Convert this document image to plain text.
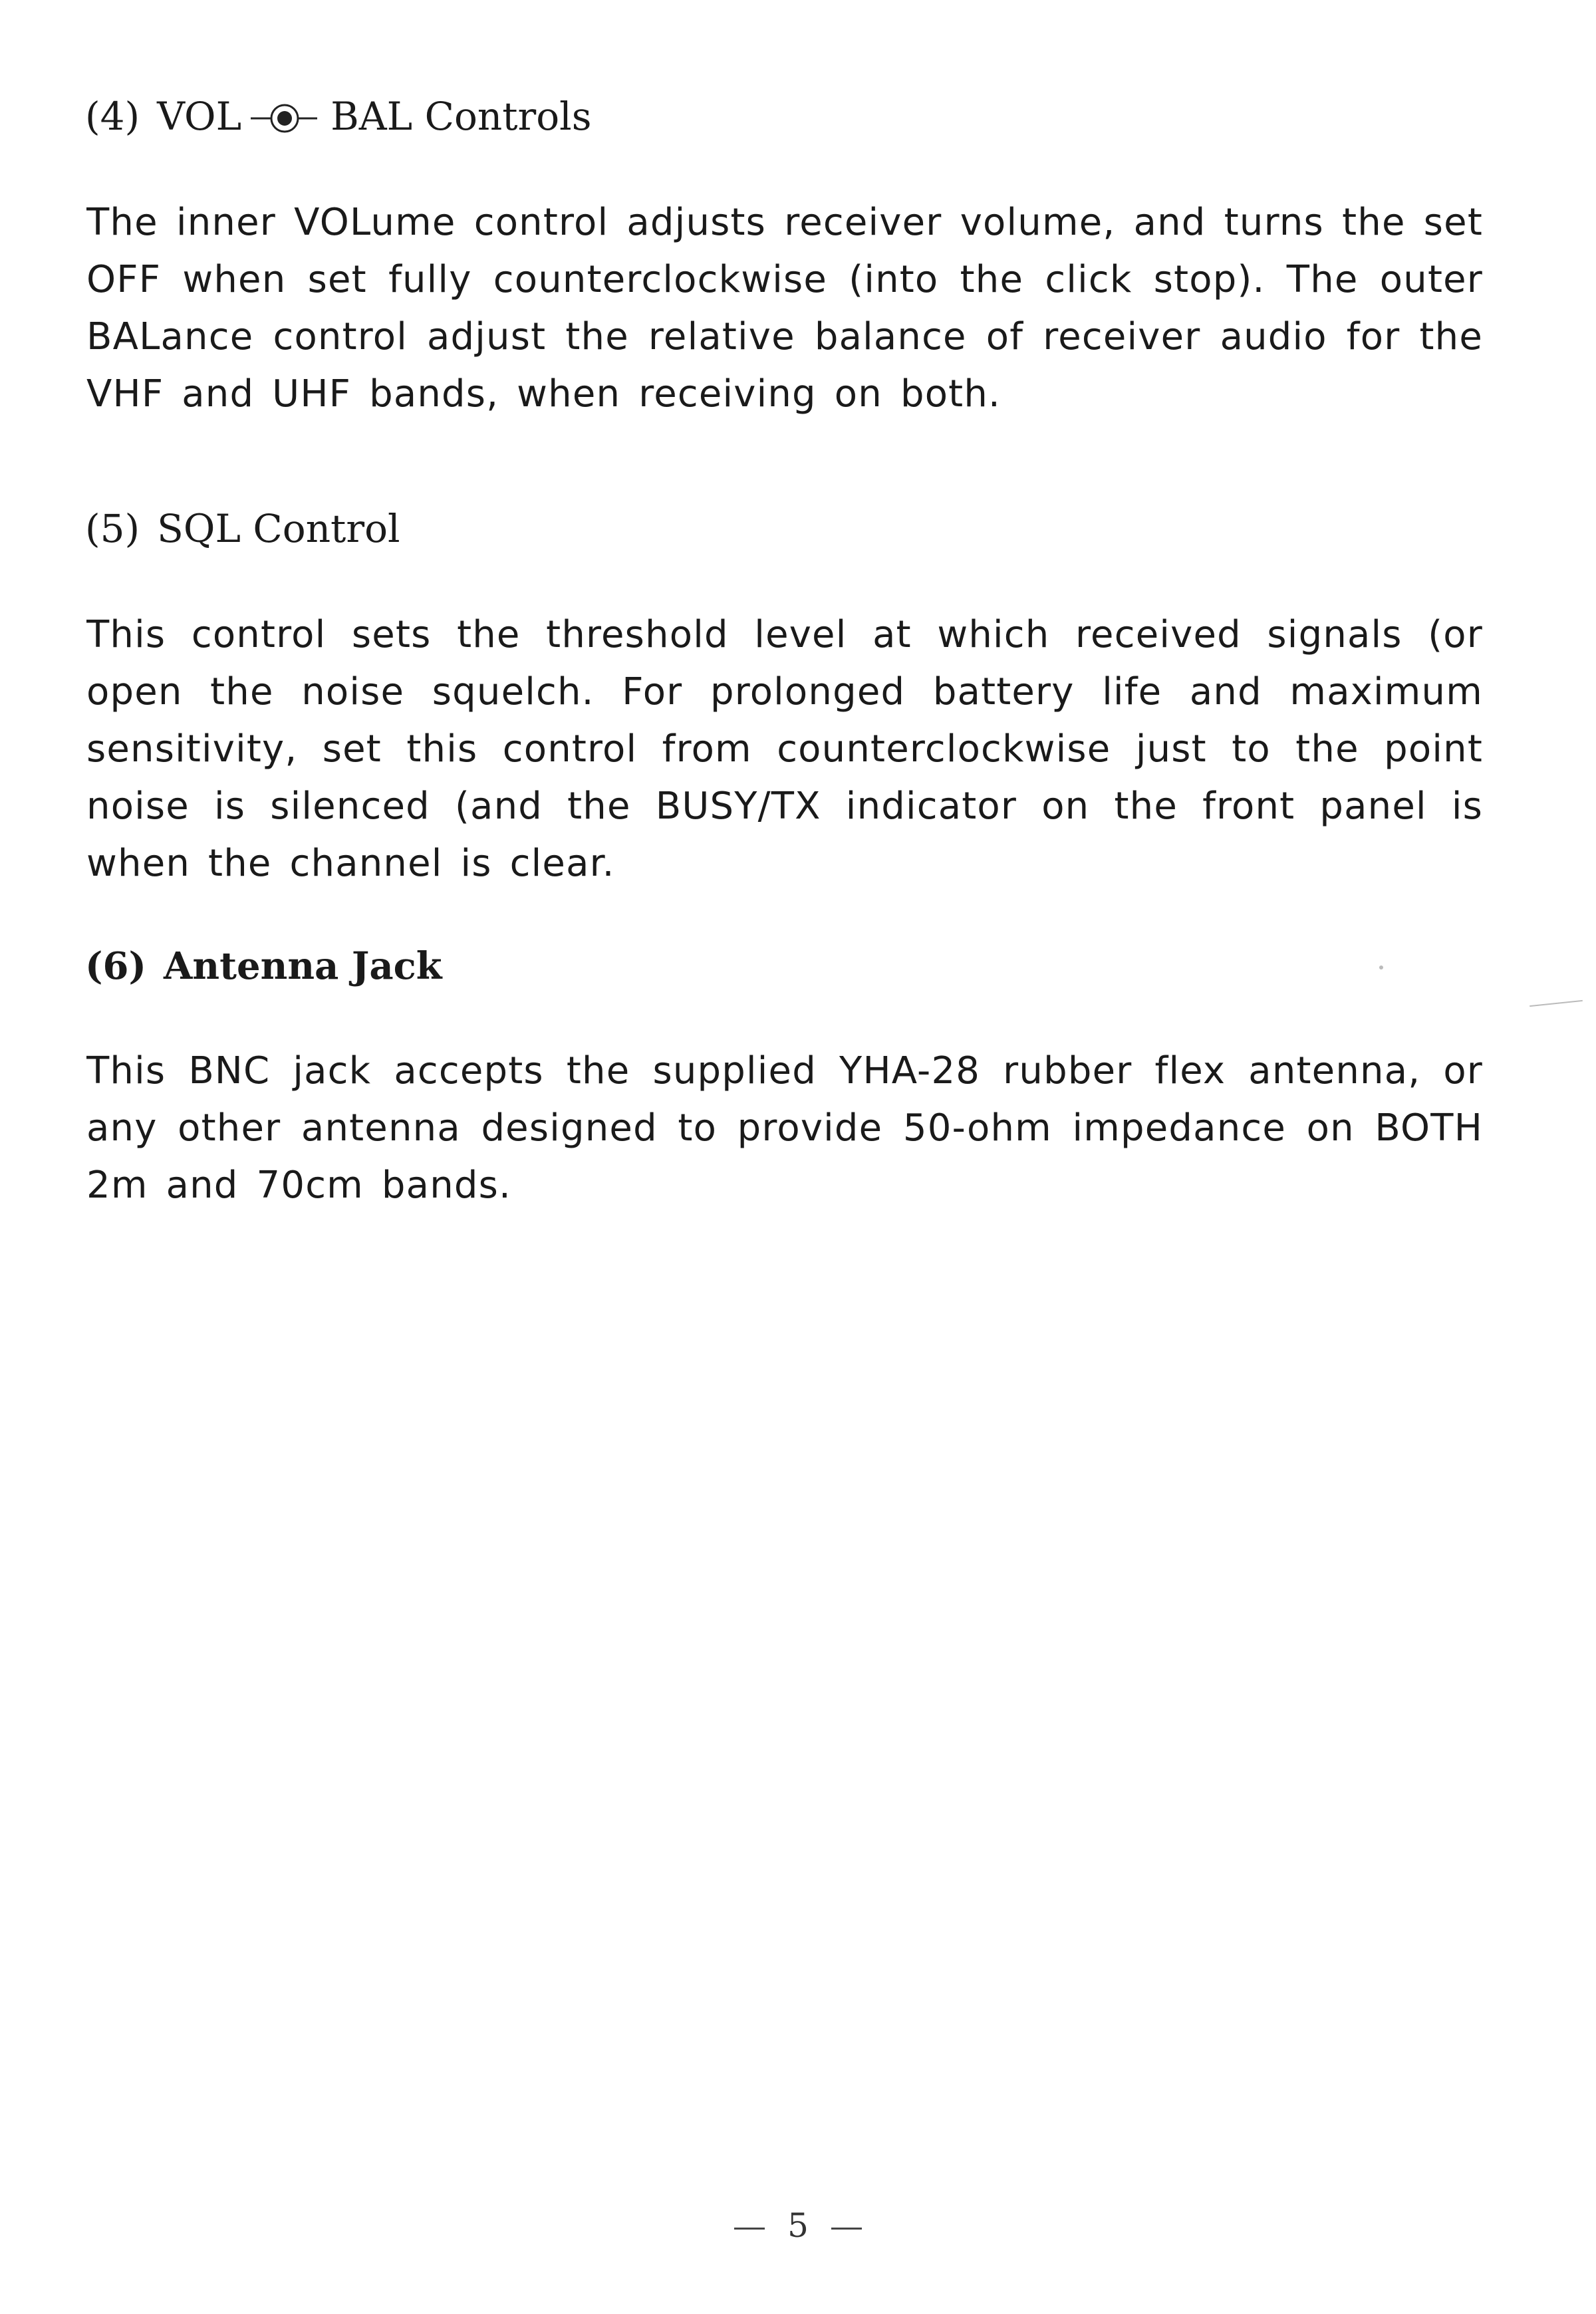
(4) VOL BAL Controls
The inner VOLume control adjusts receiver volume, and turns the set
OFF when set fully counterclockwise (into the click stop). The outer
BALance control adjust the relative balance of receiver audio for the
VHF and UHF bands, when receiving on both.
(5) SQL Control
This control sets the threshold level at which received signals (or
open the noise squelch. For prolonged battery life and maximum
sensitivity, set this control from counterclockwise just to the point
noise is silenced (and the BUSY/TX indicator on the front panel is
when the channel is clear.
(6) Antenna Jack
This BNC jack accepts the supplied YHA-28 rubber flex antenna, or
any other antenna designed to provide 50-ohm impedance on BOTH
2m and 70cm bands.
5
